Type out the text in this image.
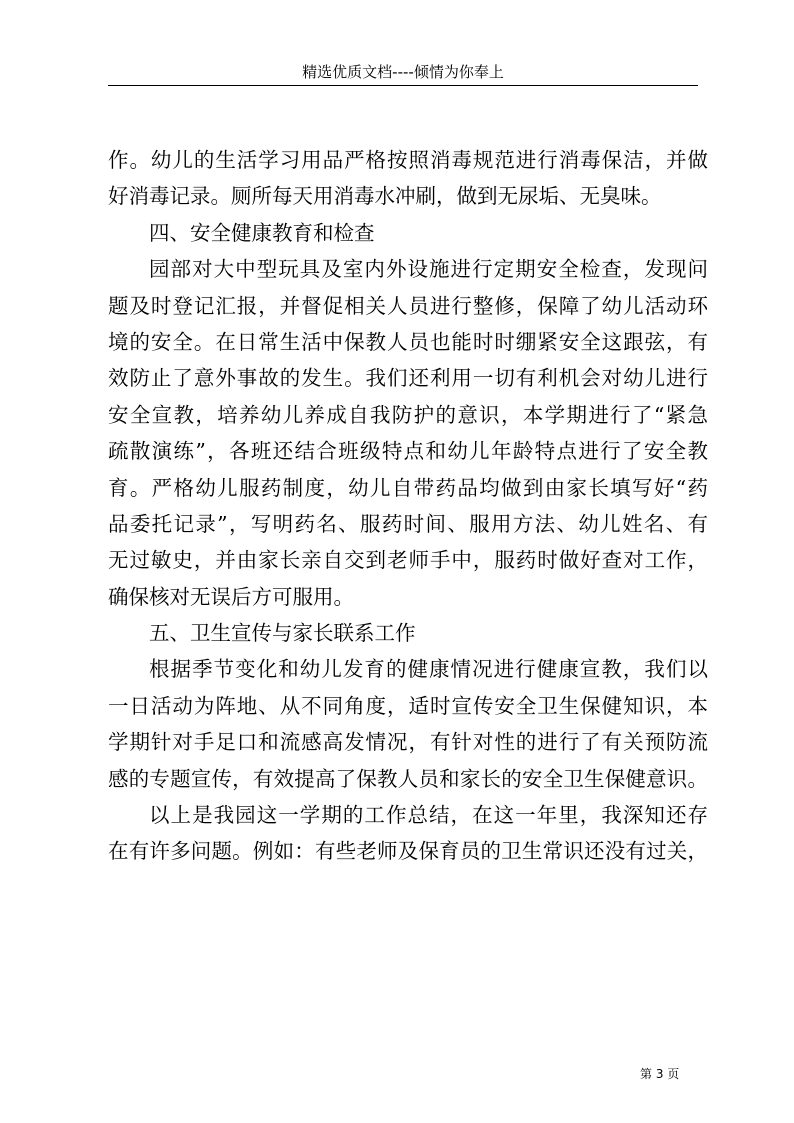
精选优质文档----倾情为你奉上
作。幼儿的生活学习用品严格按照消毒规范进行消毒保洁，并做
好消毒记录。厕所每天用消毒水冲刷，做到无尿垢、无臭味。
四、安全健康教育和检查
园部对大中型玩具及室内外设施进行定期安全检查，发现问
题及时登记汇报，并督促相关人员进行整修，保障了幼儿活动环
境的安全。在日常生活中保教人员也能时时绷紧安全这跟弦，有
效防止了意外事故的发生。我们还利用一切有利机会对幼儿进行
安全宣教，培养幼儿养成自我防护的意识，本学期进行了“紧急
疏散演练”，各班还结合班级特点和幼儿年龄特点进行了安全教
育。严格幼儿服药制度，幼儿自带药品均做到由家长填写好“药
品委托记录”，写明药名、服药时间、服用方法、幼儿姓名、有
无过敏史，并由家长亲自交到老师手中，服药时做好查对工作，
确保核对无误后方可服用。
五、卫生宣传与家长联系工作
根据季节变化和幼儿发育的健康情况进行健康宣教，我们以
一日活动为阵地、从不同角度，适时宣传安全卫生保健知识，本
学期针对手足口和流感高发情况，有针对性的进行了有关预防流
感的专题宣传，有效提高了保教人员和家长的安全卫生保健意识。
以上是我园这一学期的工作总结，在这一年里，我深知还存
在有许多问题。例如：有些老师及保育员的卫生常识还没有过关，
第 3 页
